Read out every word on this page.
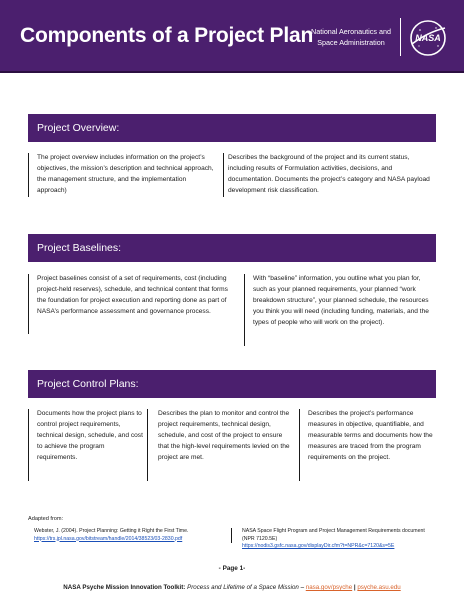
Components of a Project Plan
National Aeronautics and
Space Administration	NASA
Project Overview:
The project overview includes information on the project’s objectives, the mission’s description and technical approach, the management structure, and the implementation approach)
Describes the background of the project and its current status, including results of Formulation activities, decisions, and documentation. Documents the project’s category and NASA payload development risk classification.
Project Baselines:
Project baselines consist of a set of requirements, cost (including project-held reserves), schedule, and technical content that forms the foundation for project execution and reporting done as part of NASA’s performance assessment and governance process.
With “baseline” information, you outline what you plan for, such as your planned requirements, your planned “work breakdown structure”, your planned schedule, the resources you think you will need (including funding, materials, and the types of people who will work on the project).
Project Control Plans:
Documents how the project plans to control project requirements, technical design, schedule, and cost to achieve the program requirements.
Describes the plan to monitor and control the project requirements, technical design, schedule, and cost of the project to ensure that the high-level requirements levied on the project are met.
Describes the project’s performance measures in objective, quantifiable, and measurable terms and documents how the measures are traced from the program requirements on the project.
Adapted from:
Webster, J. (2004). Project Planning: Getting it Right the First Time.
https://trs.jpl.nasa.gov/bitstream/handle/2014/38523/03-2830.pdf
NASA Space Flight Program and Project Management Requirements document (NPR 7120.5E)
https://nodis3.gsfc.nasa.gov/displayDir.cfm?t=NPR&c=7120&s=5E
- Page 1-
NASA Psyche Mission Innovation Toolkit: Process and Lifetime of a Space Mission – nasa.gov/psyche | psyche.asu.edu
